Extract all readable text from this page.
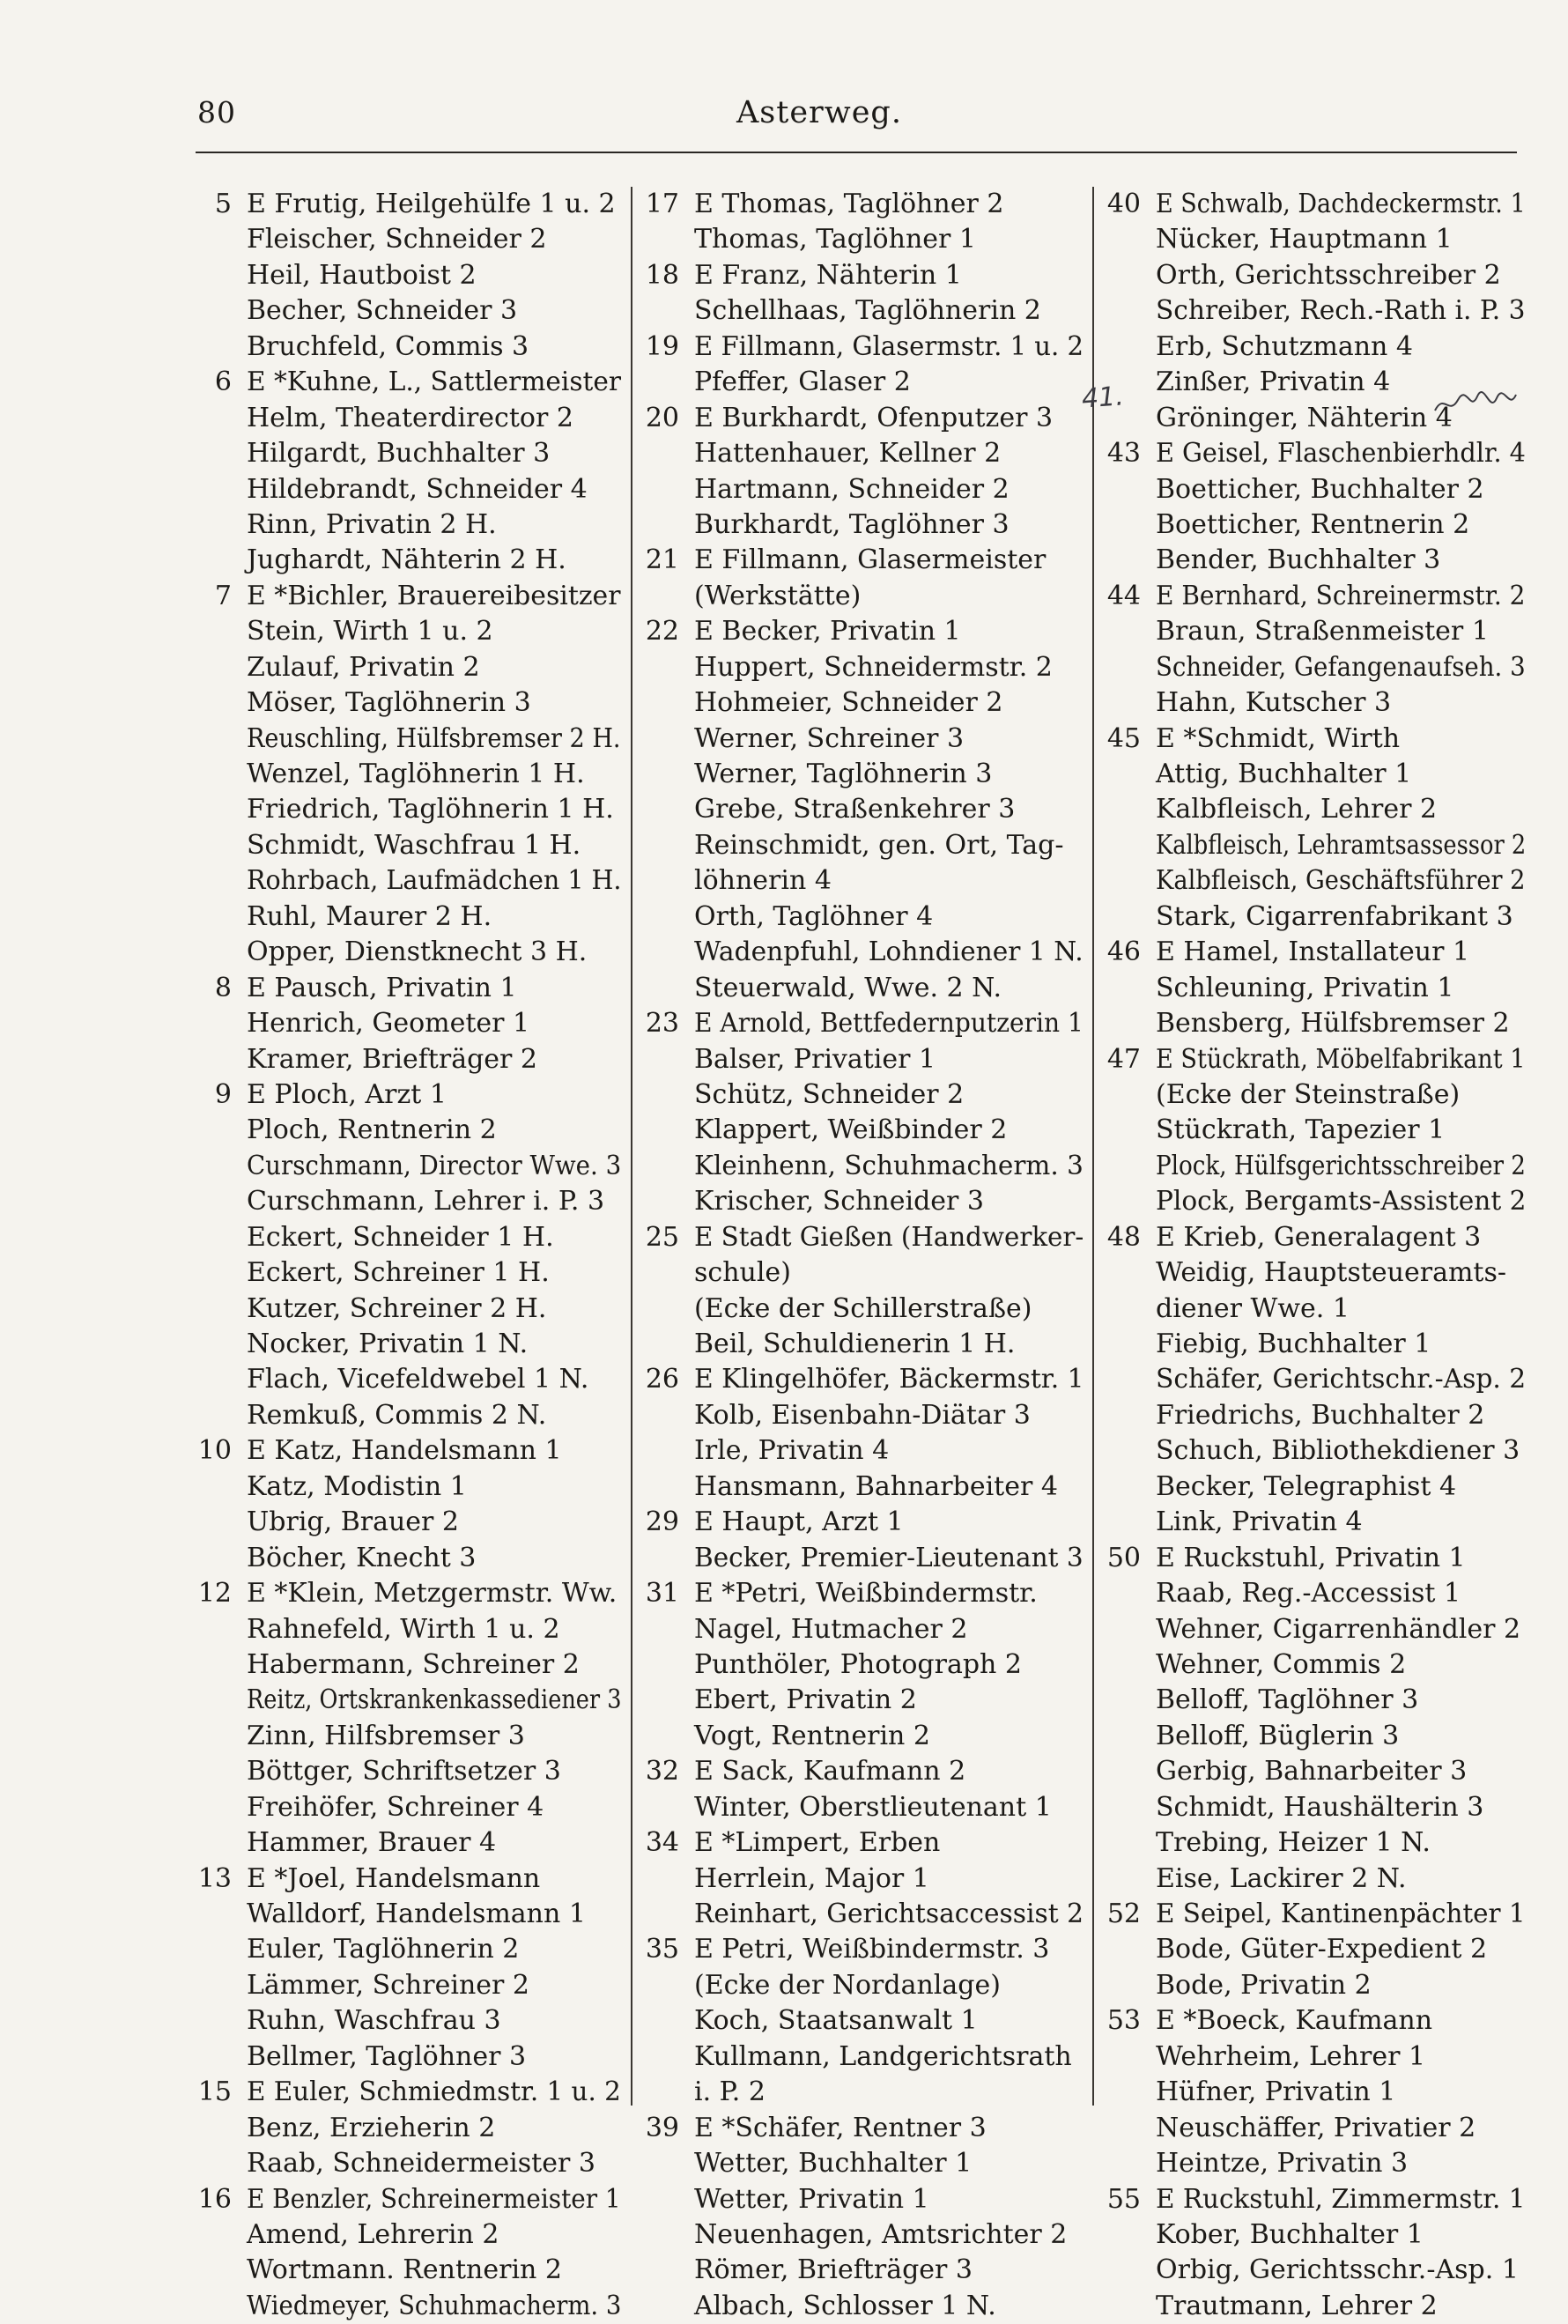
80	Asterweg.
5 E Frutig, Heilgehülfe 1 u. 2
Fleischer, Schneider 2
Heil, Hautboist 2
Becher, Schneider 3
Bruchfeld, Commis 3
6 E *Kuhne, L., Sattlermeister
Helm, Theaterdirector 2
Hilgardt, Buchhalter 3
Hildebrandt, Schneider 4
Rinn, Privatin 2 H.
Jughardt, Nähterin 2 H.
7 E *Bichler, Brauereibesitzer
Stein, Wirth 1 u. 2
Zulauf, Privatin 2
Möser, Taglöhnerin 3
Reuschling, Hülfsbremser 2 H.
Wenzel, Taglöhnerin 1 H.
Friedrich, Taglöhnerin 1 H.
Schmidt, Waschfrau 1 H.
Rohrbach, Laufmädchen 1 H.
Ruhl, Maurer 2 H.
Opper, Dienstknecht 3 H.
8 E Pausch, Privatin 1
Henrich, Geometer 1
Kramer, Briefträger 2
9 E Ploch, Arzt 1
Ploch, Rentnerin 2
Curschmann, Director Wwe. 3
Curschmann, Lehrer i. P. 3
Eckert, Schneider 1 H.
Eckert, Schreiner 1 H.
Kutzer, Schreiner 2 H.
Nocker, Privatin 1 N.
Flach, Vicefeldwebel 1 N.
Remkuß, Commis 2 N.
10 E Katz, Handelsmann 1
Katz, Modistin 1
Ubrig, Brauer 2
Böcher, Knecht 3
12 E *Klein, Metzgermstr. Ww.
Rahnefeld, Wirth 1 u. 2
Habermann, Schreiner 2
Reitz, Ortskrankenkassediener 3
Zinn, Hilfsbremser 3
Böttger, Schriftsetzer 3
Freihöfer, Schreiner 4
Hammer, Brauer 4
13 E *Joel, Handelsmann
Walldorf, Handelsmann 1
Euler, Taglöhnerin 2
Lämmer, Schreiner 2
Ruhn, Waschfrau 3
Bellmer, Taglöhner 3
15 E Euler, Schmiedmstr. 1 u. 2
Benz, Erzieherin 2
Raab, Schneidermeister 3
16 E Benzler, Schreinermeister 1
Amend, Lehrerin 2
Wortmann. Rentnerin 2
Wiedmeyer, Schuhmacherm. 3
17 E Thomas, Taglöhner 2
Thomas, Taglöhner 1
18 E Franz, Nähterin 1
Schellhaas, Taglöhnerin 2
19 E Fillmann, Glasermstr. 1 u. 2
Pfeffer, Glaser 2
20 E Burkhardt, Ofenputzer 3
Hattenhauer, Kellner 2
Hartmann, Schneider 2
Burkhardt, Taglöhner 3
21 E Fillmann, Glasermeister
(Werkstätte)
22 E Becker, Privatin 1
Huppert, Schneidermstr. 2
Hohmeier, Schneider 2
Werner, Schreiner 3
Werner, Taglöhnerin 3
Grebe, Straßenkehrer 3
Reinschmidt, gen. Ort, Tag-
löhnerin 4
Orth, Taglöhner 4
Wadenpfuhl, Lohndiener 1 N.
Steuerwald, Wwe. 2 N.
23 E Arnold, Bettfedernputzerin 1
Balser, Privatier 1
Schütz, Schneider 2
Klappert, Weißbinder 2
Kleinhenn, Schuhmacherm. 3
Krischer, Schneider 3
25 E Stadt Gießen (Handwerker-
schule)
(Ecke der Schillerstraße)
Beil, Schuldienerin 1 H.
26 E Klingelhöfer, Bäckermstr. 1
Kolb, Eisenbahn-Diätar 3
Irle, Privatin 4
Hansmann, Bahnarbeiter 4
29 E Haupt, Arzt 1
Becker, Premier-Lieutenant 3
31 E *Petri, Weißbindermstr.
Nagel, Hutmacher 2
Punthöler, Photograph 2
Ebert, Privatin 2
Vogt, Rentnerin 2
32 E Sack, Kaufmann 2
Winter, Oberstlieutenant 1
34 E *Limpert, Erben
Herrlein, Major 1
Reinhart, Gerichtsaccessist 2
35 E Petri, Weißbindermstr. 3
(Ecke der Nordanlage)
Koch, Staatsanwalt 1
Kullmann, Landgerichtsrath
i. P. 2
39 E *Schäfer, Rentner 3
Wetter, Buchhalter 1
Wetter, Privatin 1
Neuenhagen, Amtsrichter 2
Römer, Briefträger 3
Albach, Schlosser 1 N.
40 E Schwalb, Dachdeckermstr. 1
Nücker, Hauptmann 1
Orth, Gerichtsschreiber 2
Schreiber, Rech.-Rath i. P. 3
Erb, Schutzmann 4
Zinßer, Privatin 4
Gröninger, Nähterin 4
43 E Geisel, Flaschenbierhdlr. 4
Boetticher, Buchhalter 2
Boetticher, Rentnerin 2
Bender, Buchhalter 3
44 E Bernhard, Schreinermstr. 2
Braun, Straßenmeister 1
Schneider, Gefangenaufseh. 3
Hahn, Kutscher 3
45 E *Schmidt, Wirth
Attig, Buchhalter 1
Kalbfleisch, Lehrer 2
Kalbfleisch, Lehramtsassessor 2
Kalbfleisch, Geschäftsführer 2
Stark, Cigarrenfabrikant 3
46 E Hamel, Installateur 1
Schleuning, Privatin 1
Bensberg, Hülfsbremser 2
47 E Stückrath, Möbelfabrikant 1
(Ecke der Steinstraße)
Stückrath, Tapezier 1
Plock, Hülfsgerichtsschreiber 2
Plock, Bergamts-Assistent 2
48 E Krieb, Generalagent 3
Weidig, Hauptsteueramts-
diener Wwe. 1
Fiebig, Buchhalter 1
Schäfer, Gerichtschr.-Asp. 2
Friedrichs, Buchhalter 2
Schuch, Bibliothekdiener 3
Becker, Telegraphist 4
Link, Privatin 4
50 E Ruckstuhl, Privatin 1
Raab, Reg.-Accessist 1
Wehner, Cigarrenhändler 2
Wehner, Commis 2
Belloff, Taglöhner 3
Belloff, Büglerin 3
Gerbig, Bahnarbeiter 3
Schmidt, Haushälterin 3
Trebing, Heizer 1 N.
Eise, Lackirer 2 N.
52 E Seipel, Kantinenpächter 1
Bode, Güter-Expedient 2
Bode, Privatin 2
53 E *Boeck, Kaufmann
Wehrheim, Lehrer 1
Hüfner, Privatin 1
Neuschäffer, Privatier 2
Heintze, Privatin 3
55 E Ruckstuhl, Zimmermstr. 1
Kober, Buchhalter 1
Orbig, Gerichtsschr.-Asp. 1
Trautmann, Lehrer 2
41.
